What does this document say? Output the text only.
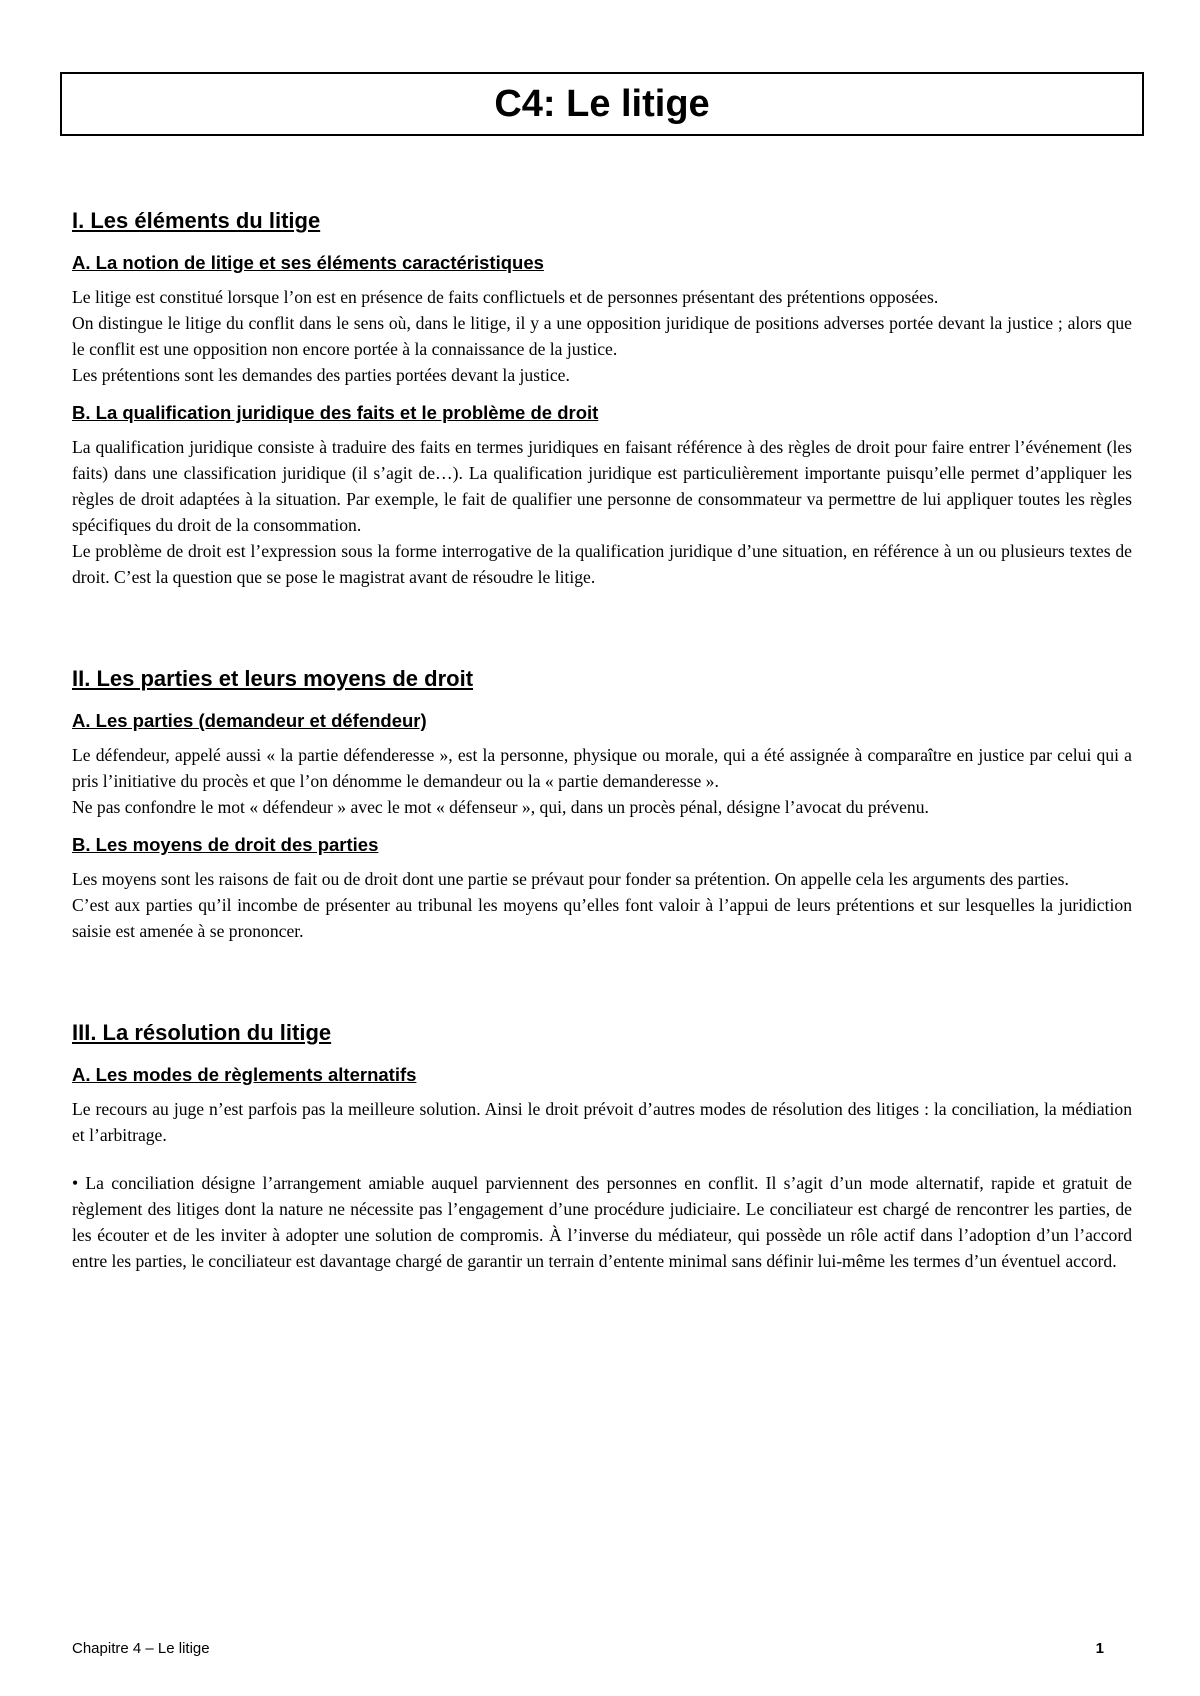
C4: Le litige
I. Les éléments du litige
A. La notion de litige et ses éléments caractéristiques

Le litige est constitué lorsque l’on est en présence de faits conflictuels et de personnes présentant des prétentions opposées.

On distingue le litige du conflit dans le sens où, dans le litige, il y a une opposition juridique de positions adverses portée devant la justice ; alors que le conflit est une opposition non encore portée à la connaissance de la justice.

Les prétentions sont les demandes des parties portées devant la justice.

B. La qualification juridique des faits et le problème de droit

La qualification juridique consiste à traduire des faits en termes juridiques en faisant référence à des règles de droit pour faire entrer l’événement (les faits) dans une classification juridique (il s’agit de…). La qualification juridique est particulièrement importante puisqu’elle permet d’appliquer les règles de droit adaptées à la situation. Par exemple, le fait de qualifier une personne de consommateur va permettre de lui appliquer toutes les règles spécifiques du droit de la consommation.

Le problème de droit est l’expression sous la forme interrogative de la qualification juridique d’une situation, en référence à un ou plusieurs textes de droit. C’est la question que se pose le magistrat avant de résoudre le litige.

II. Les parties et leurs moyens de droit
A. Les parties (demandeur et défendeur)

Le défendeur, appelé aussi « la partie défenderesse », est la personne, physique ou morale, qui a été assignée à comparaître en justice par celui qui a pris l’initiative du procès et que l’on dénomme le demandeur ou la « partie demanderesse ».

Ne pas confondre le mot « défendeur » avec le mot « défenseur », qui, dans un procès pénal, désigne l’avocat du prévenu.

B. Les moyens de droit des parties

Les moyens sont les raisons de fait ou de droit dont une partie se prévaut pour fonder sa prétention. On appelle cela les arguments des parties.

C’est aux parties qu’il incombe de présenter au tribunal les moyens qu’elles font valoir à l’appui de leurs prétentions et sur lesquelles la juridiction saisie est amenée à se prononcer.

III. La résolution du litige
A. Les modes de règlements alternatifs

Le recours au juge n’est parfois pas la meilleure solution. Ainsi le droit prévoit d’autres modes de résolution des litiges : la conciliation, la médiation et l’arbitrage.

• La conciliation désigne l’arrangement amiable auquel parviennent des personnes en conflit. Il s’agit d’un mode alternatif, rapide et gratuit de règlement des litiges dont la nature ne nécessite pas l’engagement d’une procédure judiciaire. Le conciliateur est chargé de rencontrer les parties, de les écouter et de les inviter à adopter une solution de compromis. À l’inverse du médiateur, qui possède un rôle actif dans l’adoption d’un l’accord entre les parties, le conciliateur est davantage chargé de garantir un terrain d’entente minimal sans définir lui-même les termes d’un éventuel accord.

Chapitre 4 – Le litige	1
